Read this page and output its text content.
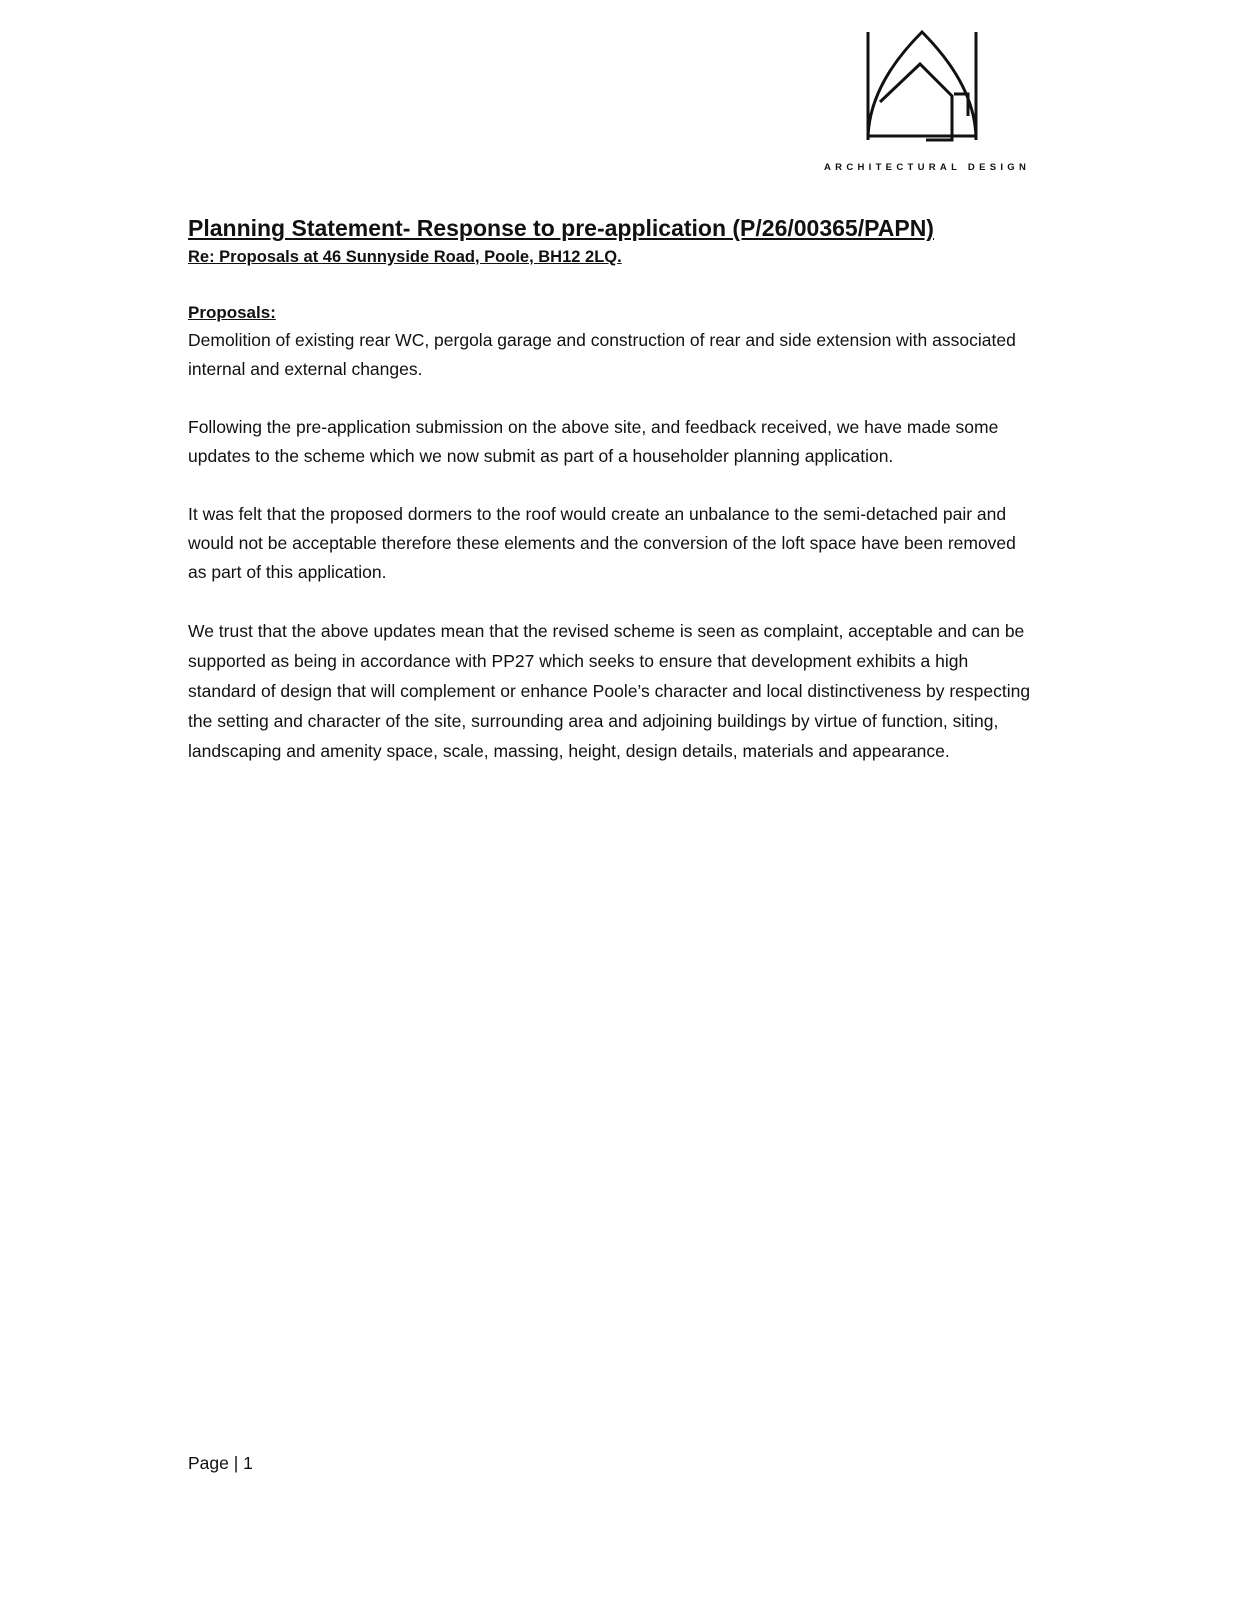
ARCHITECTURAL DESIGN
Planning Statement- Response to pre-application (P/26/00365/PAPN)

Re: Proposals at 46 Sunnyside Road, Poole, BH12 2LQ.

Proposals:

Demolition of existing rear WC, pergola garage and construction of rear and side extension with associated internal and external changes.

Following the pre-application submission on the above site, and feedback received, we have made some updates to the scheme which we now submit as part of a householder planning application.

It was felt that the proposed dormers to the roof would create an unbalance to the semi-detached pair and would not be acceptable therefore these elements and the conversion of the loft space have been removed as part of this application.

We trust that the above updates mean that the revised scheme is seen as complaint, acceptable and can be supported as being in accordance with PP27 which seeks to ensure that development exhibits a high standard of design that will complement or enhance Poole’s character and local distinctiveness by respecting the setting and character of the site, surrounding area and adjoining buildings by virtue of function, siting, landscaping and amenity space, scale, massing, height, design details, materials and appearance.

Page | 1
